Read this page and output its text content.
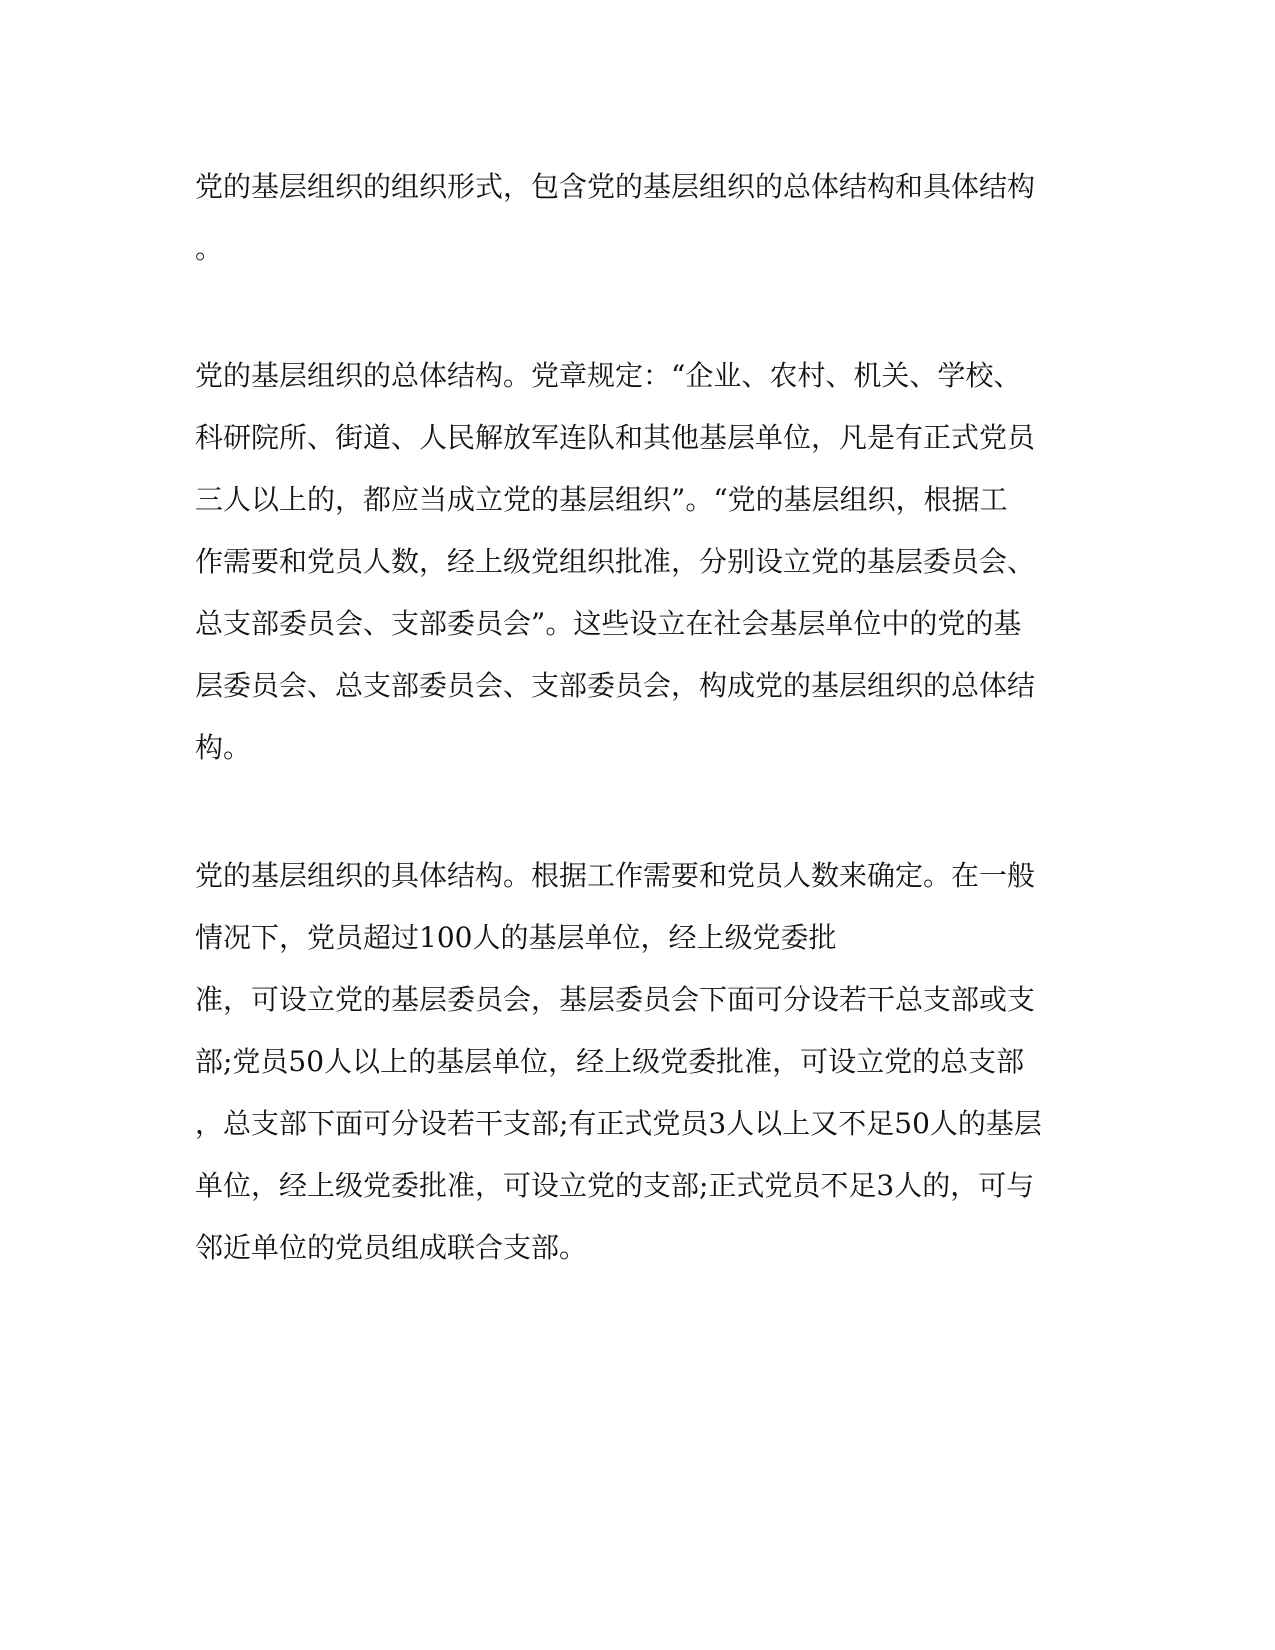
党的基层组织的组织形式，包含党的基层组织的总体结构和具体结构

。

党的基层组织的总体结构。党章规定：“企业、农村、机关、学校、

科研院所、街道、人民解放军连队和其他基层单位，凡是有正式党员

三人以上的，都应当成立党的基层组织”。“党的基层组织，根据工

作需要和党员人数，经上级党组织批准，分别设立党的基层委员会、

总支部委员会、支部委员会”。这些设立在社会基层单位中的党的基

层委员会、总支部委员会、支部委员会，构成党的基层组织的总体结

构。

党的基层组织的具体结构。根据工作需要和党员人数来确定。在一般

情况下，党员超过100人的基层单位，经上级党委批

准，可设立党的基层委员会，基层委员会下面可分设若干总支部或支

部;党员50人以上的基层单位，经上级党委批准，可设立党的总支部

，总支部下面可分设若干支部;有正式党员3人以上又不足50人的基层

单位，经上级党委批准，可设立党的支部;正式党员不足3人的，可与

邻近单位的党员组成联合支部。
